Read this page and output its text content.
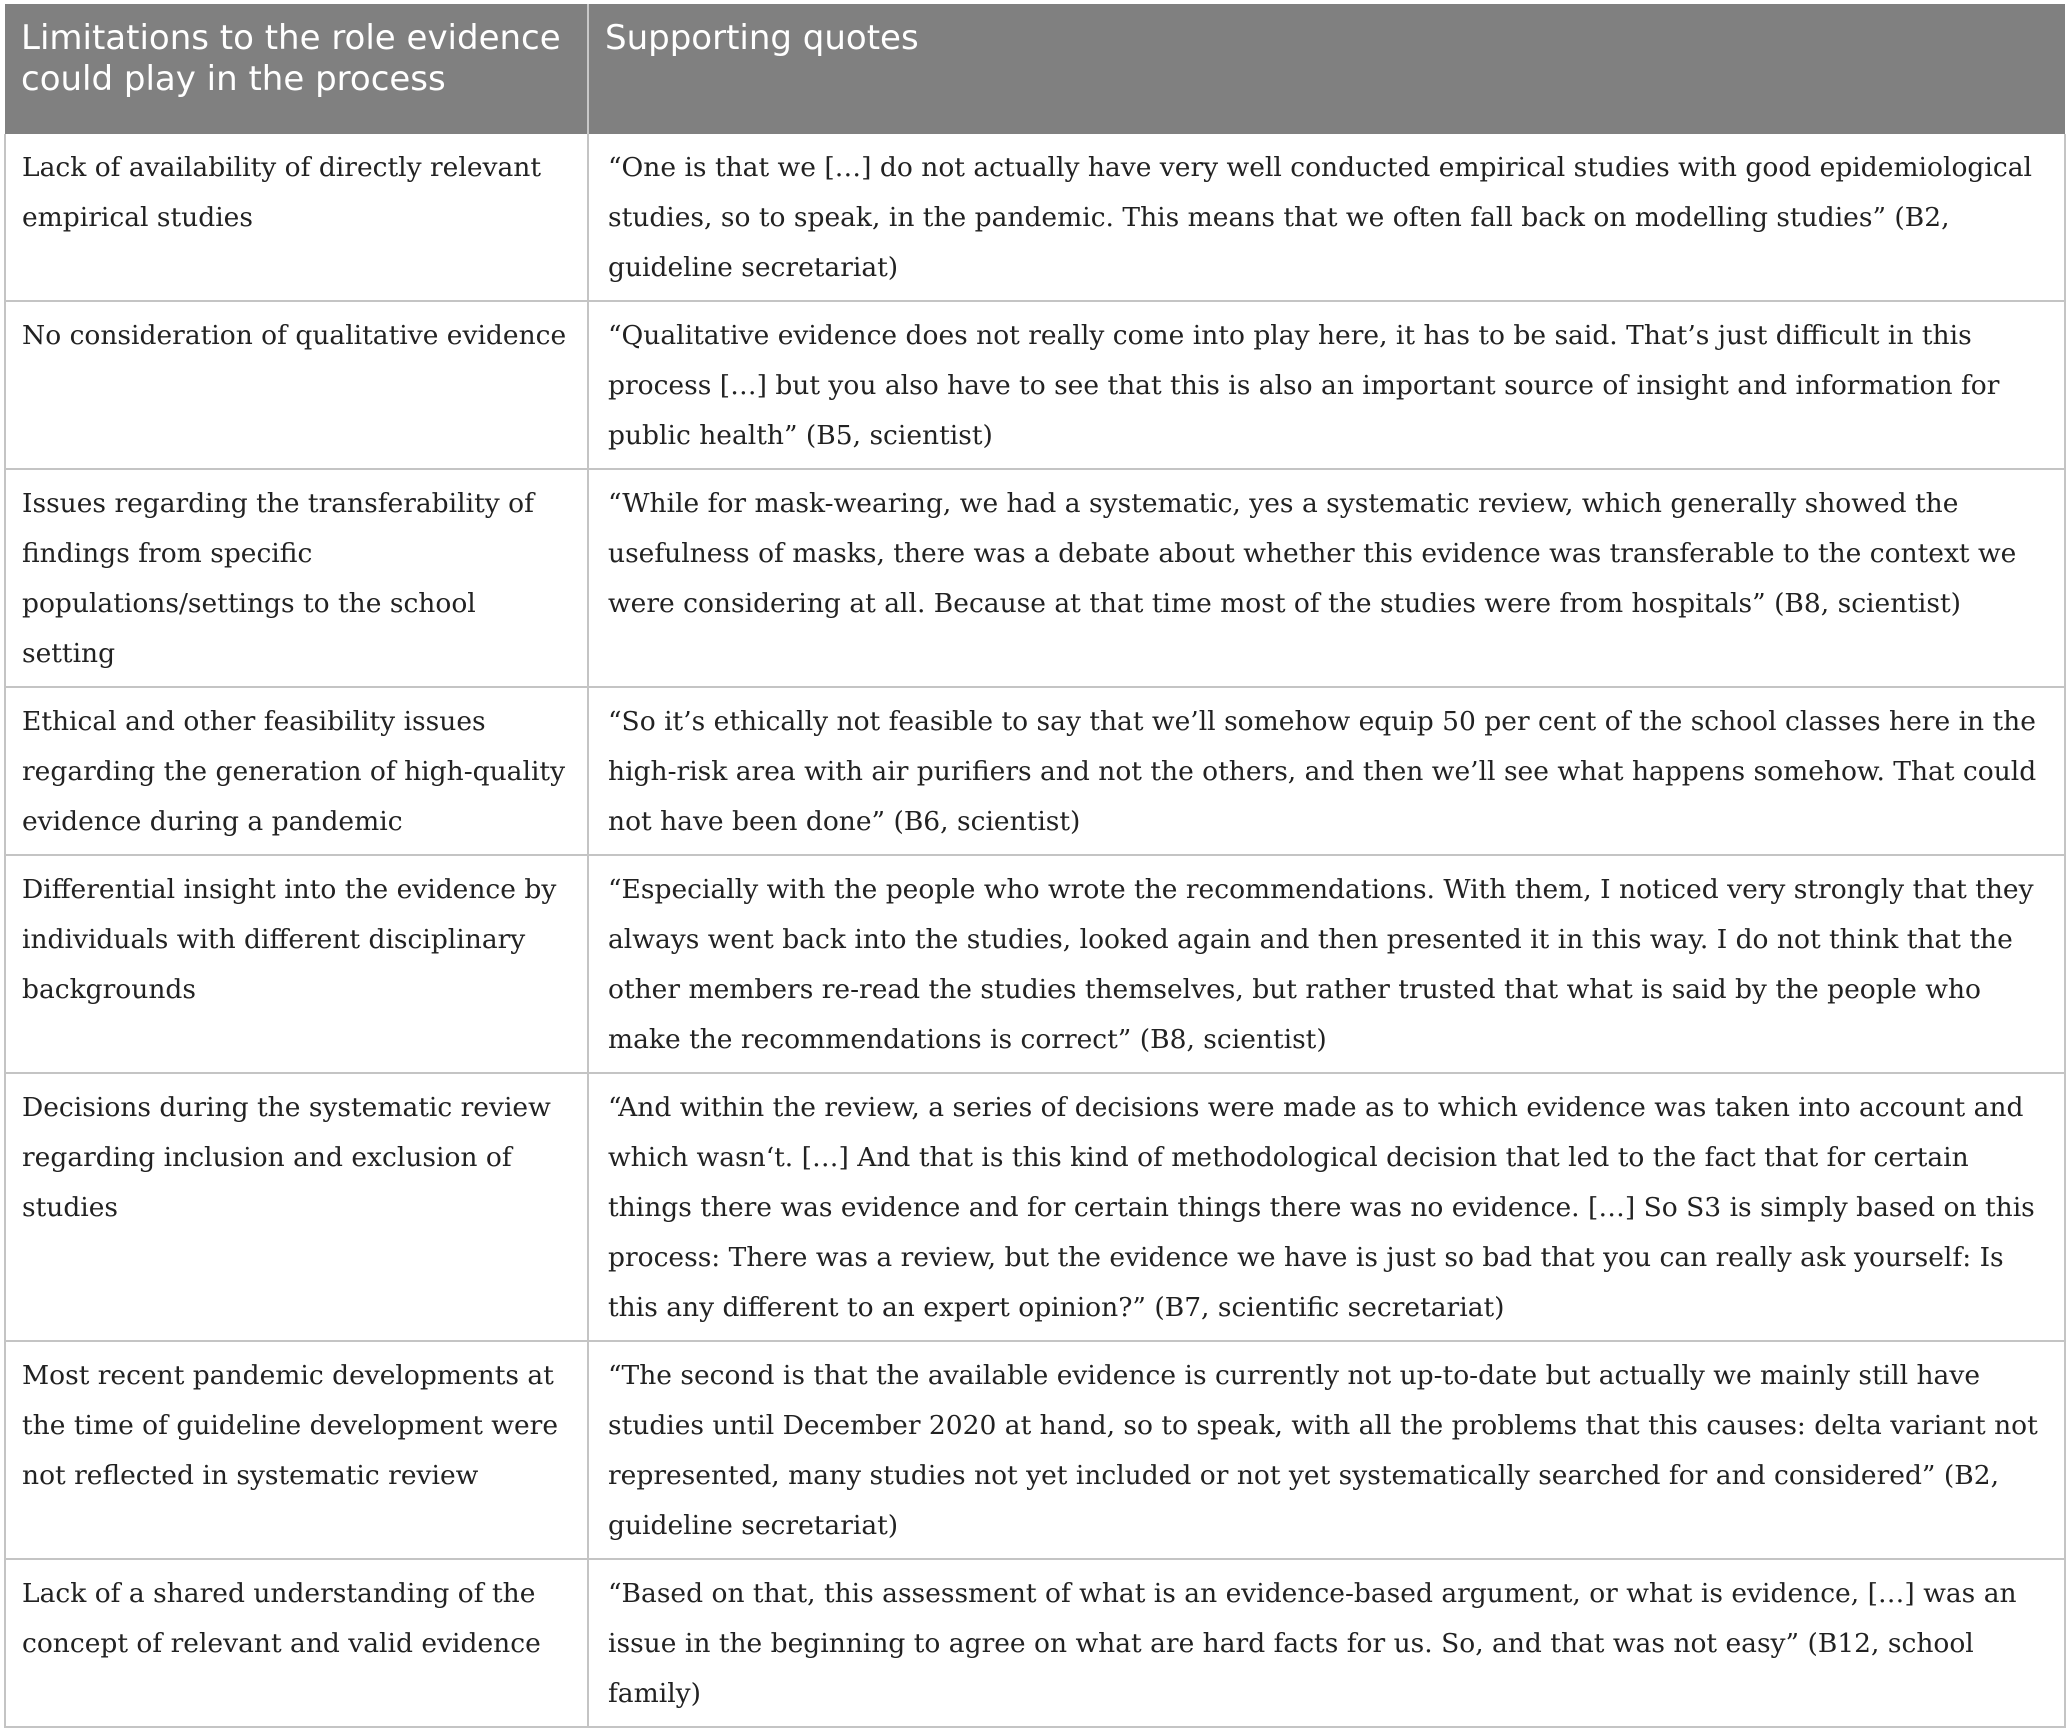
Limitations to the role evidence could play in the process	Supporting quotes
Lack of availability of directly relevant empirical studies	“One is that we […] do not actually have very well conducted empirical studies with good epidemiological studies, so to speak, in the pandemic. This means that we often fall back on modelling studies” (B2, guideline secretariat)
No consideration of qualitative evidence	“Qualitative evidence does not really come into play here, it has to be said. That’s just difficult in this process […] but you also have to see that this is also an important source of insight and information for public health” (B5, scientist)
Issues regarding the transferability of findings from specific populations/settings to the school setting	“While for mask-wearing, we had a systematic, yes a systematic review, which generally showed the usefulness of masks, there was a debate about whether this evidence was transferable to the context we were considering at all. Because at that time most of the studies were from hospitals” (B8, scientist)
Ethical and other feasibility issues regarding the generation of high-quality evidence during a pandemic	“So it’s ethically not feasible to say that we’ll somehow equip 50 per cent of the school classes here in the high-risk area with air purifiers and not the others, and then we’ll see what happens somehow. That could not have been done” (B6, scientist)
Differential insight into the evidence by individuals with different disciplinary backgrounds	“Especially with the people who wrote the recommendations. With them, I noticed very strongly that they always went back into the studies, looked again and then presented it in this way. I do not think that the other members re-read the studies themselves, but rather trusted that what is said by the people who make the recommendations is correct” (B8, scientist)
Decisions during the systematic review regarding inclusion and exclusion of studies	“And within the review, a series of decisions were made as to which evidence was taken into account and which wasn‘t. […] And that is this kind of methodological decision that led to the fact that for certain things there was evidence and for certain things there was no evidence. […] So S3 is simply based on this process: There was a review, but the evidence we have is just so bad that you can really ask yourself: Is this any different to an expert opinion?” (B7, scientific secretariat)
Most recent pandemic developments at the time of guideline development were not reflected in systematic review	“The second is that the available evidence is currently not up-to-date but actually we mainly still have studies until December 2020 at hand, so to speak, with all the problems that this causes: delta variant not represented, many studies not yet included or not yet systematically searched for and considered” (B2, guideline secretariat)
Lack of a shared understanding of the concept of relevant and valid evidence	“Based on that, this assessment of what is an evidence-based argument, or what is evidence, […] was an issue in the beginning to agree on what are hard facts for us. So, and that was not easy” (B12, school family)
